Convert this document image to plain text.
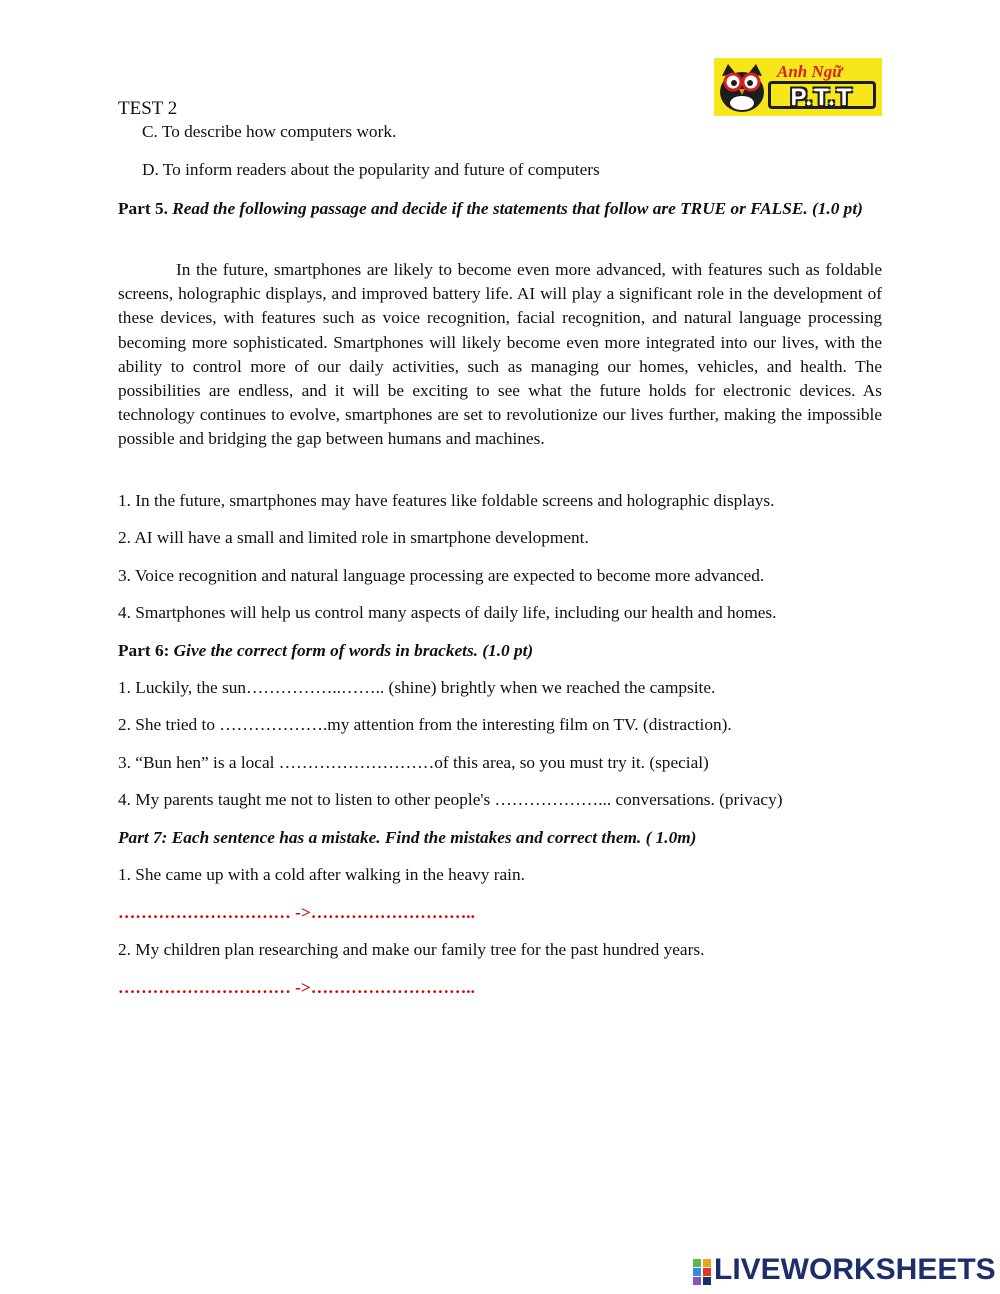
Anh Ngữ
P.T.T
TEST 2
C. To describe how computers work.
D. To inform readers about the popularity and future of computers
Part 5. Read the following passage and decide if the statements that follow are TRUE or FALSE. (1.0 pt)
In the future, smartphones are likely to become even more advanced, with features such as foldable screens, holographic displays, and improved battery life. AI will play a significant role in the development of these devices, with features such as voice recognition, facial recognition, and natural language processing becoming more sophisticated. Smartphones will likely become even more integrated into our lives, with the ability to control more of our daily activities, such as managing our homes, vehicles, and health. The possibilities are endless, and it will be exciting to see what the future holds for electronic devices. As technology continues to evolve, smartphones are set to revolutionize our lives further, making the impossible possible and bridging the gap between humans and machines.
1. In the future, smartphones may have features like foldable screens and holographic displays.
2. AI will have a small and limited role in smartphone development.
3. Voice recognition and natural language processing are expected to become more advanced.
4. Smartphones will help us control many aspects of daily life, including our health and homes.
Part 6: Give the correct form of words in brackets. (1.0 pt)
1. Luckily, the sun……………..…….. (shine) brightly when we reached the campsite.
2. She tried to ……………….my attention from the interesting film on TV. (distraction).
3. “Bun hen” is a local ………………………of this area, so you must try it. (special)
4. My parents taught me not to listen to other people's ………………... conversations. (privacy)
Part 7: Each sentence has a mistake. Find the mistakes and correct them. ( 1.0m)
1. She came up with a cold after walking in the heavy rain.
………………………… ->………………………..
2. My children plan researching and make our family tree for the past hundred years.
………………………… ->………………………..
LIVEWORKSHEETS
